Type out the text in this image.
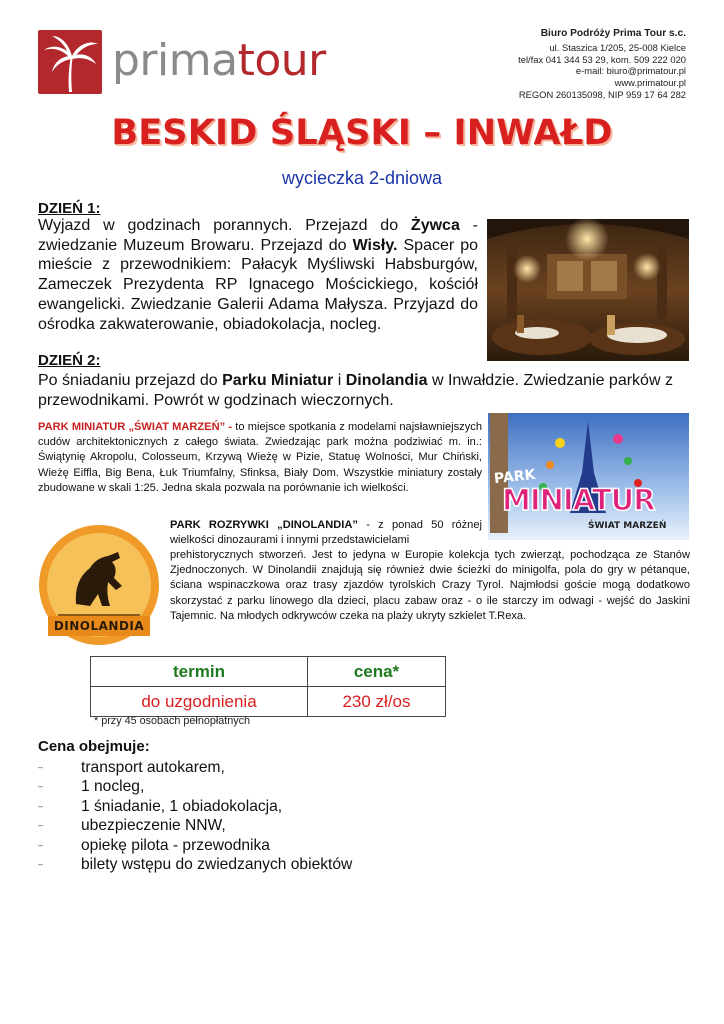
primatour
Biuro Podróży Prima Tour s.c.
ul. Staszica 1/205, 25-008 Kielce
tel/fax 041 344 53 29, kom. 509 222 020
e-mail: biuro@primatour.pl
www.primatour.pl
REGON 260135098, NIP 959 17 64 282
BESKID ŚLĄSKI – INWAŁD
wycieczka 2-dniowa
DZIEŃ 1:
Wyjazd w godzinach porannych. Przejazd do Żywca - zwiedzanie Muzeum Browaru. Przejazd do Wisły. Spacer po mieście z przewodnikiem: Pałacyk Myśliwski Habsburgów, Zameczek Prezydenta RP Ignacego Mościckiego, kościół ewangelicki. Zwiedzanie Galerii Adama Małysza. Przyjazd do ośrodka zakwaterowanie, obiadokolacja, nocleg.
DZIEŃ 2:
Po śniadaniu przejazd do Parku Miniatur i Dinolandia w Inwałdzie. Zwiedzanie parków z przewodnikami. Powrót w godzinach wieczornych.
PARK MINIATUR „ŚWIAT MARZEŃ” - to miejsce spotkania z modelami najsławniejszych cudów architektonicznych z całego świata. Zwiedzając park można podziwiać m. in.: Świątynię Akropolu, Colosseum, Krzywą Wieżę w Pizie, Statuę Wolności, Mur Chiński, Wieżę Eiffla, Big Bena, Łuk Triumfalny, Sfinksa, Biały Dom. Wszystkie miniatury zostały zbudowane w skali 1:25. Jedna skala pozwala na porównanie ich wielkości.
PARK
MINIATUR
ŚWIAT MARZEŃ
DINOLANDIA
PARK ROZRYWKI „DINOLANDIA” - z ponad 50 różnej wielkości dinozaurami i innymi przedstawicielami
prehistorycznych stworzeń. Jest to jedyna w Europie kolekcja tych zwierząt, pochodząca ze Stanów Zjednoczonych. W Dinolandii znajdują się również dwie ścieżki do minigolfa, pola do gry w pétanque, ściana wspinaczkowa oraz trasy zjazdów tyrolskich Crazy Tyrol. Najmłodsi goście mogą dodatkowo skorzystać z parku linowego dla dzieci, placu zabaw oraz - o ile starczy im odwagi - wejść do Jaskini Tajemnic. Na młodych odkrywców czeka na plaży ukryty szkielet T.Rexa.
termin	cena*
do uzgodnienia	230 zł/os
* przy 45 osobach pełnopłatnych
Cena obejmuje:
–	transport autokarem,
–	1 nocleg,
–	1 śniadanie, 1 obiadokolacja,
–	ubezpieczenie NNW,
–	opiekę pilota - przewodnika
–	bilety wstępu do zwiedzanych obiektów
